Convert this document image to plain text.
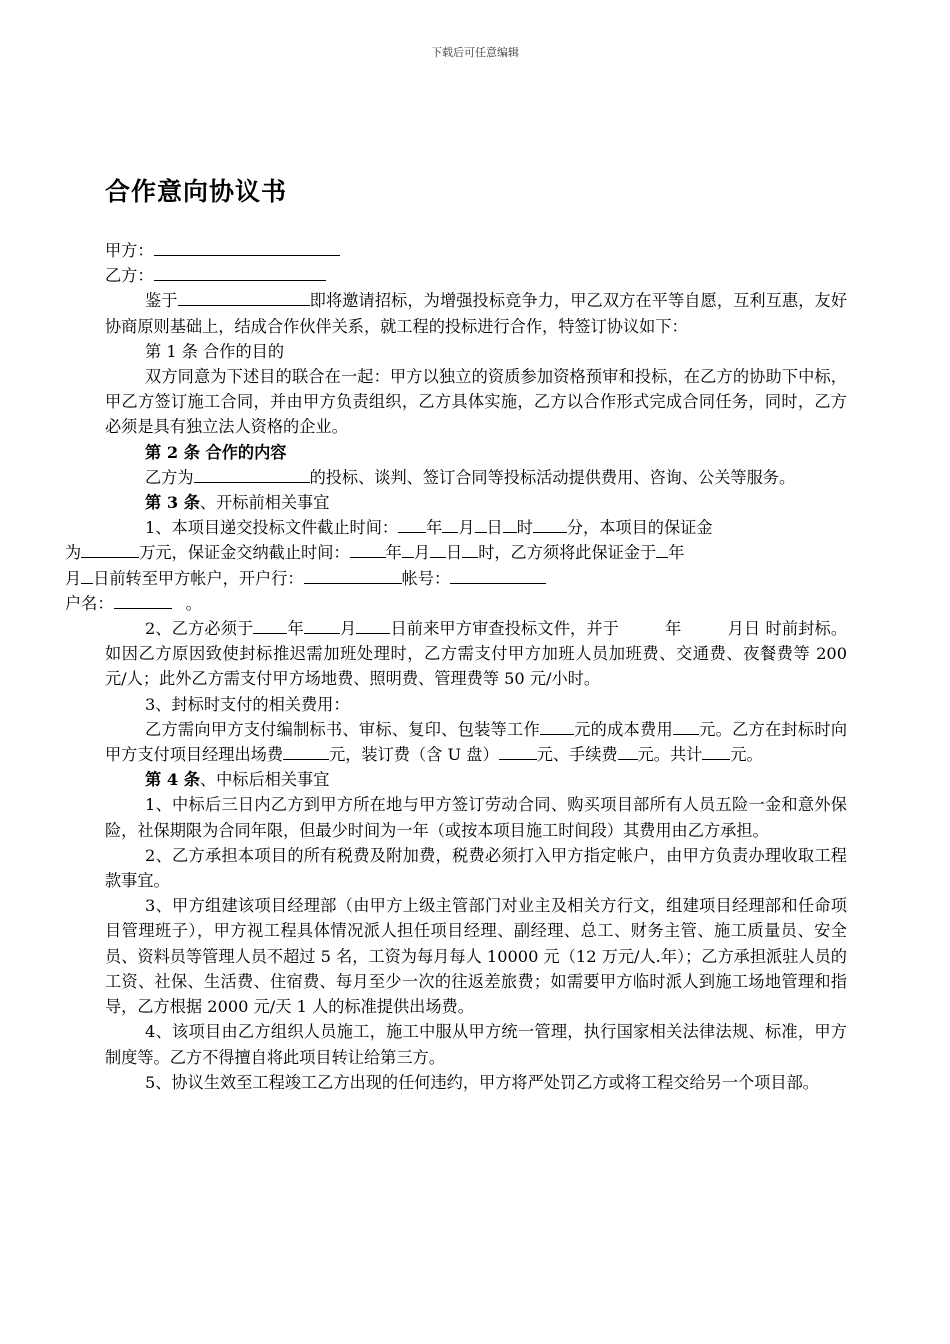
下载后可任意编辑
合作意向协议书

甲方：

乙方：

鉴于	即将邀请招标，为增强投标竞争力，甲乙双方在平等自愿，互利互惠，友好协商原则基础上，结成合作伙伴关系，就工程的投标进行合作，特签订协议如下：

第 1 条 合作的目的

双方同意为下述目的联合在一起：甲方以独立的资质参加资格预审和投标，在乙方的协助下中标，甲乙方签订施工合同，并由甲方负责组织，乙方具体实施，乙方以合作形式完成合同任务，同时，乙方必须是具有独立法人资格的企业。

第 2 条 合作的内容

乙方为	的投标、谈判、签订合同等投标活动提供费用、咨询、公关等服务。

第 3 条、开标前相关事宜

1、本项目递交投标文件截止时间： 年 月 日 时 分，本项目的保证金
为	万元，保证金交纳截止时间： 年 月 日 时，乙方须将此保证金于 年
月 日前转至甲方帐户，开户行：	帐号：
户名：	。

2、乙方必须于 年 月 日前来甲方审查投标文件，并于	年	月日 时前封标。如因乙方原因致使封标推迟需加班处理时，乙方需支付甲方加班人员加班费、交通费、夜餐费等 200 元/人；此外乙方需支付甲方场地费、照明费、管理费等 50 元/小时。

3、封标时支付的相关费用：

乙方需向甲方支付编制标书、审标、复印、包装等工作 元的成本费用 元。乙方在封标时向甲方支付项目经理出场费	元，装订费（含 U 盘） 元、手续费 元。共计 元。

第 4 条、中标后相关事宜

1、中标后三日内乙方到甲方所在地与甲方签订劳动合同、购买项目部所有人员五险一金和意外保险，社保期限为合同年限，但最少时间为一年（或按本项目施工时间段）其费用由乙方承担。

2、乙方承担本项目的所有税费及附加费，税费必须打入甲方指定帐户，由甲方负责办理收取工程款事宜。

3、甲方组建该项目经理部（由甲方上级主管部门对业主及相关方行文，组建项目经理部和任命项目管理班子），甲方视工程具体情况派人担任项目经理、副经理、总工、财务主管、施工质量员、安全员、资料员等管理人员不超过 5 名，工资为每月每人 10000 元（12 万元/人.年）；乙方承担派驻人员的工资、社保、生活费、住宿费、每月至少一次的往返差旅费；如需要甲方临时派人到施工场地管理和指导，乙方根据 2000 元/天 1 人的标准提供出场费。

4、该项目由乙方组织人员施工，施工中服从甲方统一管理，执行国家相关法律法规、标准，甲方制度等。乙方不得擅自将此项目转让给第三方。

5、协议生效至工程竣工乙方出现的任何违约，甲方将严处罚乙方或将工程交给另一个项目部。
